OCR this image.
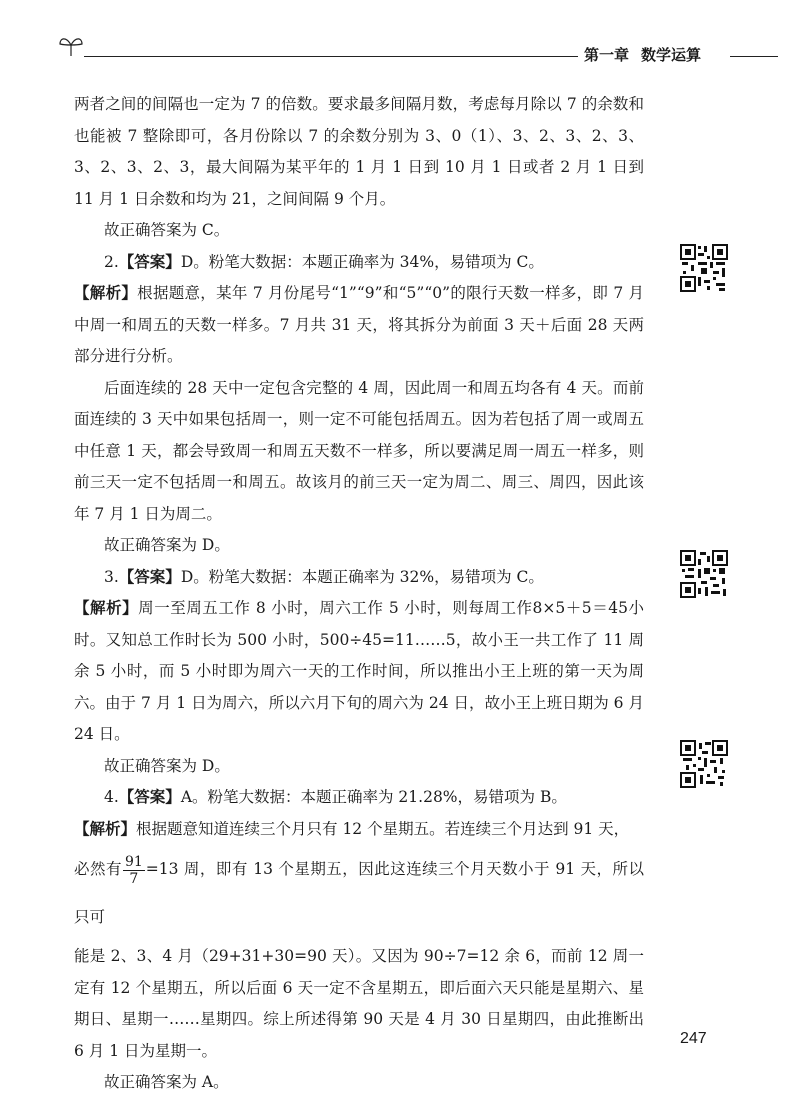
第一章 数学运算

两者之间的间隔也一定为 7 的倍数。要求最多间隔月数，考虑每月除以 7 的余数和也能被 7 整除即可，各月份除以 7 的余数分别为 3、0（1）、3、2、3、2、3、3、2、3、2、3，最大间隔为某平年的 1 月 1 日到 10 月 1 日或者 2 月 1 日到 11 月 1 日余数和均为 21，之间间隔 9 个月。

故正确答案为 C。

2.【答案】D。粉笔大数据：本题正确率为 34%，易错项为 C。

【解析】根据题意，某年 7 月份尾号“1”“9”和“5”“0”的限行天数一样多，即 7 月中周一和周五的天数一样多。7 月共 31 天，将其拆分为前面 3 天＋后面 28 天两部分进行分析。

后面连续的 28 天中一定包含完整的 4 周，因此周一和周五均各有 4 天。而前面连续的 3 天中如果包括周一，则一定不可能包括周五。因为若包括了周一或周五中任意 1 天，都会导致周一和周五天数不一样多，所以要满足周一周五一样多，则前三天一定不包括周一和周五。故该月的前三天一定为周二、周三、周四，因此该年 7 月 1 日为周二。

故正确答案为 D。

3.【答案】D。粉笔大数据：本题正确率为 32%，易错项为 C。

【解析】周一至周五工作 8 小时，周六工作 5 小时，则每周工作8×5＋5＝45小时。又知总工作时长为 500 小时，500÷45=11……5，故小王一共工作了 11 周余 5 小时，而 5 小时即为周六一天的工作时间，所以推出小王上班的第一天为周六。由于 7 月 1 日为周六，所以六月下旬的周六为 24 日，故小王上班日期为 6 月 24 日。

故正确答案为 D。

4.【答案】A。粉笔大数据：本题正确率为 21.28%，易错项为 B。

【解析】根据题意知道连续三个月只有 12 个星期五。若连续三个月达到 91 天，

必然有 $\frac{91}{7} =13$ 周，即有 13 个星期五，因此这连续三个月天数小于 91 天，所以只可

能是 2、3、4 月（29+31+30=90 天）。又因为 90÷7=12 余 6，而前 12 周一定有 12 个星期五，所以后面 6 天一定不含星期五，即后面六天只能是星期六、星期日、星期一……星期四。综上所述得第 90 天是 4 月 30 日星期四，由此推断出 6 月 1 日为星期一。

故正确答案为 A。

247
